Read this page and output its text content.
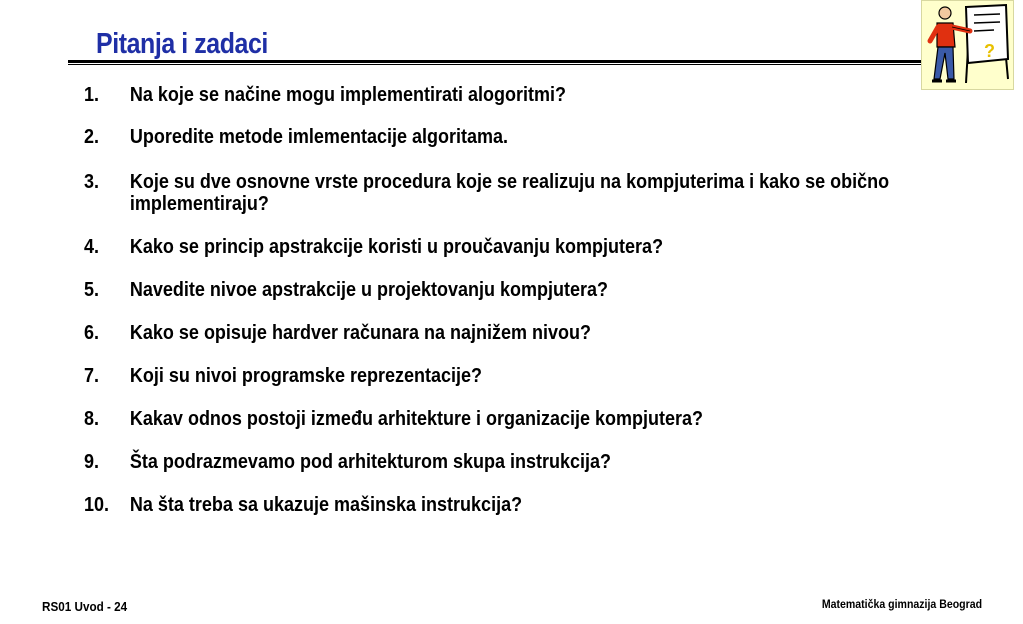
Pitanja i zadaci	?
1. Na koje se načine mogu implementirati alogoritmi?
2. Uporedite metode imlementacije algoritama.
3. Koje su dve osnovne vrste procedura koje se realizuju na kompjuterima i kako se obično implementiraju?
4. Kako se princip apstrakcije koristi u proučavanju kompjutera?
5. Navedite nivoe apstrakcije u projektovanju kompjutera?
6. Kako se opisuje hardver računara na najnižem nivou?
7. Koji su nivoi programske reprezentacije?
8. Kakav odnos postoji između arhitekture i organizacije kompjutera?
9. Šta podrazmevamo pod arhitekturom skupa instrukcija?
10. Na šta treba sa ukazuje mašinska instrukcija?
RS01 Uvod - 24	Matematička gimnazija Beograd
